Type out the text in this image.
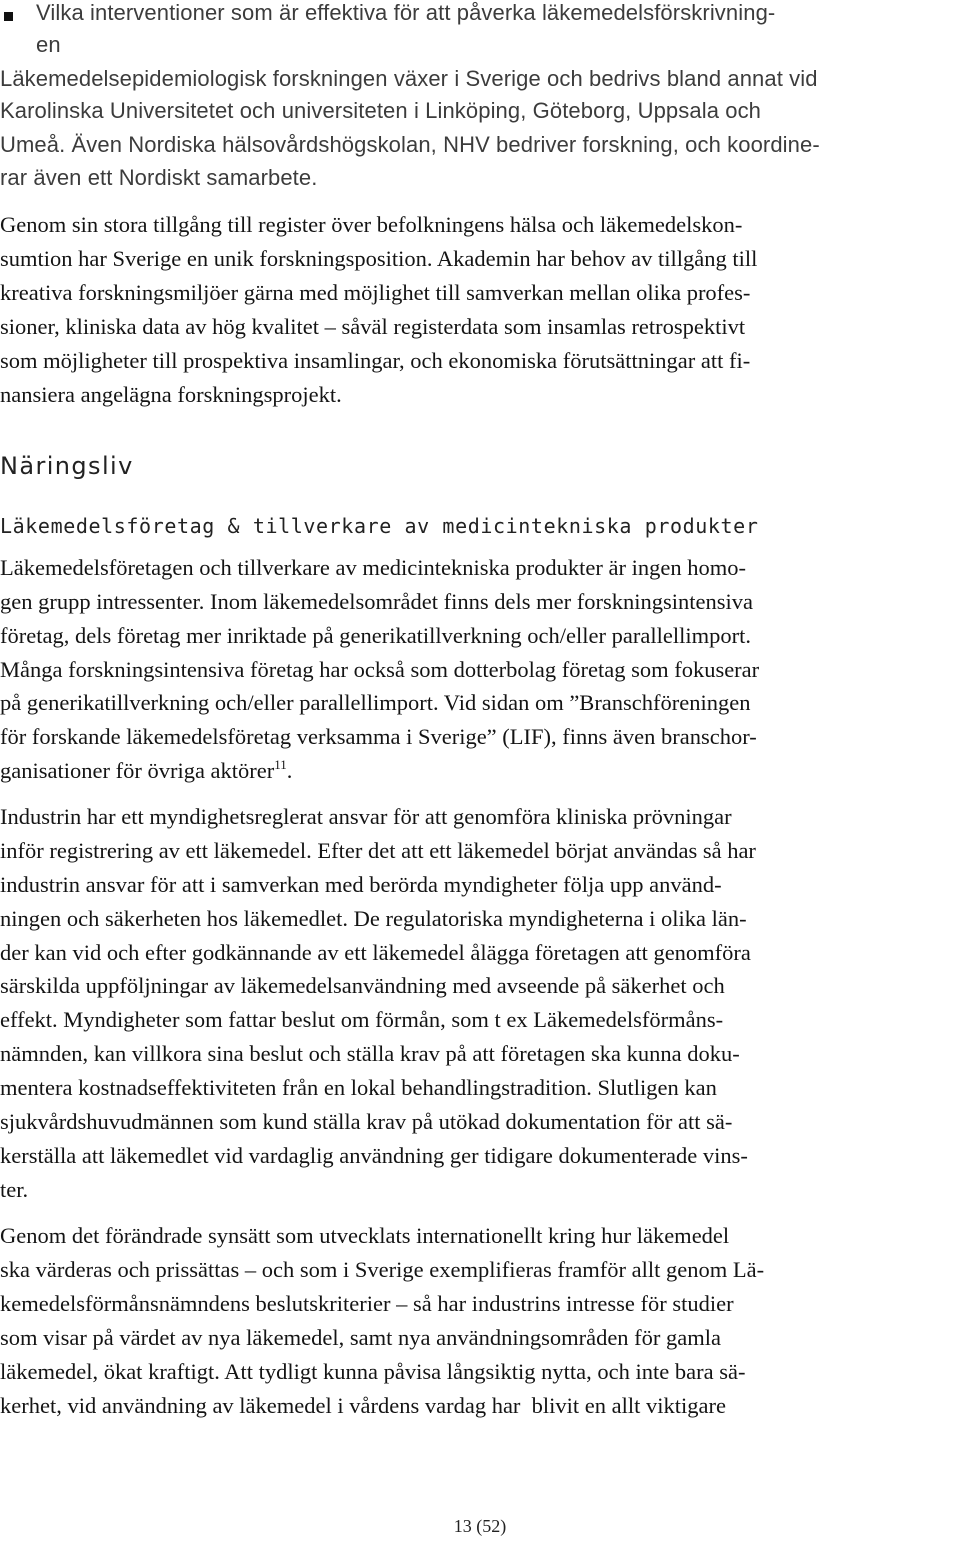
Vilka interventioner som är effektiva för att påverka läkemedelsförskrivning-
en
Läkemedelsepidemiologisk forskningen växer i Sverige och bedrivs bland annat vid
Karolinska Universitetet och universiteten i Linköping, Göteborg, Uppsala och
Umeå. Även Nordiska hälsovårdshögskolan, NHV bedriver forskning, och koordine-
rar även ett Nordiskt samarbete.
Genom sin stora tillgång till register över befolkningens hälsa och läkemedelskon-
sumtion har Sverige en unik forskningsposition. Akademin har behov av tillgång till
kreativa forskningsmiljöer gärna med möjlighet till samverkan mellan olika profes-
sioner, kliniska data av hög kvalitet – såväl registerdata som insamlas retrospektivt
som möjligheter till prospektiva insamlingar, och ekonomiska förutsättningar att fi-
nansiera angelägna forskningsprojekt.
Näringsliv
Läkemedelsföretag & tillverkare av medicintekniska produkter
Läkemedelsföretagen och tillverkare av medicintekniska produkter är ingen homo-
gen grupp intressenter. Inom läkemedelsområdet finns dels mer forskningsintensiva
företag, dels företag mer inriktade på generikatillverkning och/eller parallellimport.
Många forskningsintensiva företag har också som dotterbolag företag som fokuserar
på generikatillverkning och/eller parallellimport. Vid sidan om ”Branschföreningen
för forskande läkemedelsföretag verksamma i Sverige” (LIF), finns även branschor-
ganisationer för övriga aktörer$^{11}$.
Industrin har ett myndighetsreglerat ansvar för att genomföra kliniska prövningar
inför registrering av ett läkemedel. Efter det att ett läkemedel börjat användas så har
industrin ansvar för att i samverkan med berörda myndigheter följa upp använd-
ningen och säkerheten hos läkemedlet. De regulatoriska myndigheterna i olika län-
der kan vid och efter godkännande av ett läkemedel ålägga företagen att genomföra
särskilda uppföljningar av läkemedelsanvändning med avseende på säkerhet och
effekt. Myndigheter som fattar beslut om förmån, som t ex Läkemedelsförmåns-
nämnden, kan villkora sina beslut och ställa krav på att företagen ska kunna doku-
mentera kostnadseffektiviteten från en lokal behandlingstradition. Slutligen kan
sjukvårdshuvudmännen som kund ställa krav på utökad dokumentation för att sä-
kerställa att läkemedlet vid vardaglig användning ger tidigare dokumenterade vins-
ter.
Genom det förändrade synsätt som utvecklats internationellt kring hur läkemedel
ska värderas och prissättas – och som i Sverige exemplifieras framför allt genom Lä-
kemedelsförmånsnämndens beslutskriterier – så har industrins intresse för studier
som visar på värdet av nya läkemedel, samt nya användningsområden för gamla
läkemedel, ökat kraftigt. Att tydligt kunna påvisa långsiktig nytta, och inte bara sä-
kerhet, vid användning av läkemedel i vårdens vardag har  blivit en allt viktigare
13 (52)
